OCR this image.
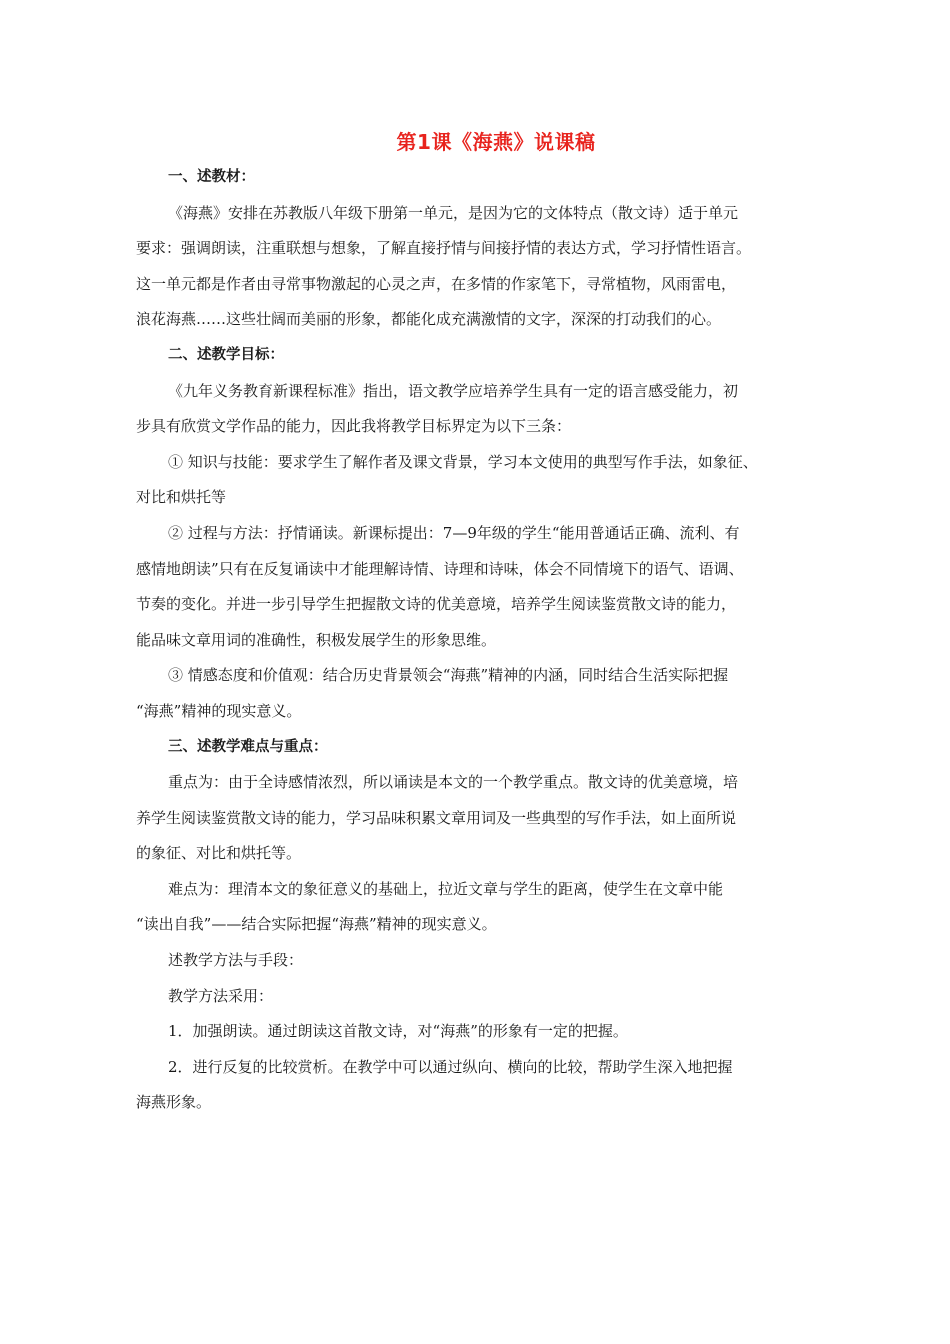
第1课《海燕》说课稿
一、述教材：
《海燕》安排在苏教版八年级下册第一单元，是因为它的文体特点（散文诗）适于单元
要求：强调朗读，注重联想与想象，了解直接抒情与间接抒情的表达方式，学习抒情性语言。
这一单元都是作者由寻常事物激起的心灵之声，在多情的作家笔下，寻常植物，风雨雷电，
浪花海燕……这些壮阔而美丽的形象，都能化成充满激情的文字，深深的打动我们的心。
二、述教学目标：
《九年义务教育新课程标准》指出，语文教学应培养学生具有一定的语言感受能力，初
步具有欣赏文学作品的能力，因此我将教学目标界定为以下三条：
① 知识与技能：要求学生了解作者及课文背景，学习本文使用的典型写作手法，如象征、
对比和烘托等
② 过程与方法：抒情诵读。新课标提出：7—9年级的学生“能用普通话正确、流利、有
感情地朗读”只有在反复诵读中才能理解诗情、诗理和诗味，体会不同情境下的语气、语调、
节奏的变化。并进一步引导学生把握散文诗的优美意境，培养学生阅读鉴赏散文诗的能力，
能品味文章用词的准确性，积极发展学生的形象思维。
③ 情感态度和价值观：结合历史背景领会“海燕”精神的内涵，同时结合生活实际把握
“海燕”精神的现实意义。
三、述教学难点与重点：
重点为：由于全诗感情浓烈，所以诵读是本文的一个教学重点。散文诗的优美意境，培
养学生阅读鉴赏散文诗的能力，学习品味积累文章用词及一些典型的写作手法，如上面所说
的象征、对比和烘托等。
难点为：理清本文的象征意义的基础上，拉近文章与学生的距离，使学生在文章中能
“读出自我”——结合实际把握“海燕”精神的现实意义。
述教学方法与手段：
教学方法采用：
1．加强朗读。通过朗读这首散文诗，对“海燕”的形象有一定的把握。
2．进行反复的比较赏析。在教学中可以通过纵向、横向的比较，帮助学生深入地把握
海燕形象。
